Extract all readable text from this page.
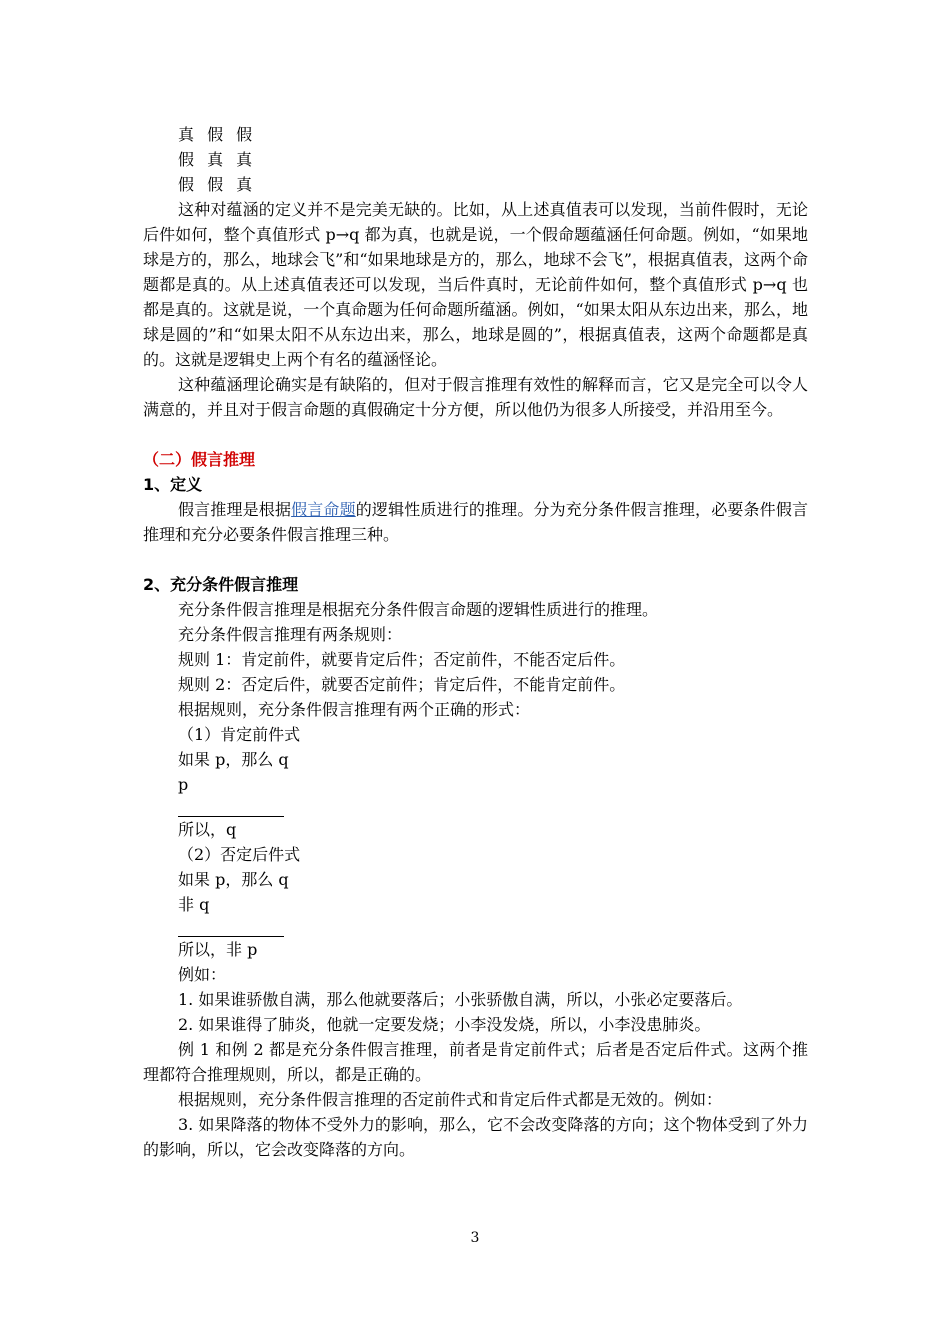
真 假 假

假 真 真

假 假 真

这种对蕴涵的定义并不是完美无缺的。比如，从上述真值表可以发现，当前件假时，无论后件如何，整个真值形式 p→q 都为真，也就是说，一个假命题蕴涵任何命题。例如，“如果地球是方的，那么，地球会飞”和“如果地球是方的，那么，地球不会飞”，根据真值表，这两个命题都是真的。从上述真值表还可以发现，当后件真时，无论前件如何，整个真值形式 p→q 也都是真的。这就是说，一个真命题为任何命题所蕴涵。例如，“如果太阳从东边出来，那么，地球是圆的”和“如果太阳不从东边出来，那么，地球是圆的”，根据真值表，这两个命题都是真的。这就是逻辑史上两个有名的蕴涵怪论。

这种蕴涵理论确实是有缺陷的，但对于假言推理有效性的解释而言，它又是完全可以令人满意的，并且对于假言命题的真假确定十分方便，所以他仍为很多人所接受，并沿用至今。

（二）假言推理

1、定义

假言推理是根据假言命题的逻辑性质进行的推理。分为充分条件假言推理，必要条件假言推理和充分必要条件假言推理三种。

2、充分条件假言推理

充分条件假言推理是根据充分条件假言命题的逻辑性质进行的推理。

充分条件假言推理有两条规则：

规则 1：肯定前件，就要肯定后件；否定前件，不能否定后件。

规则 2：否定后件，就要否定前件；肯定后件，不能肯定前件。

根据规则，充分条件假言推理有两个正确的形式：

（1）肯定前件式

如果 p，那么 q

p

所以，q

（2）否定后件式

如果 p，那么 q

非 q

所以，非 p

例如：

1. 如果谁骄傲自满，那么他就要落后；小张骄傲自满，所以，小张必定要落后。

2. 如果谁得了肺炎，他就一定要发烧；小李没发烧，所以，小李没患肺炎。

例 1 和例 2 都是充分条件假言推理，前者是肯定前件式；后者是否定后件式。这两个推理都符合推理规则，所以，都是正确的。

根据规则，充分条件假言推理的否定前件式和肯定后件式都是无效的。例如：

3. 如果降落的物体不受外力的影响，那么，它不会改变降落的方向；这个物体受到了外力的影响，所以，它会改变降落的方向。

3
